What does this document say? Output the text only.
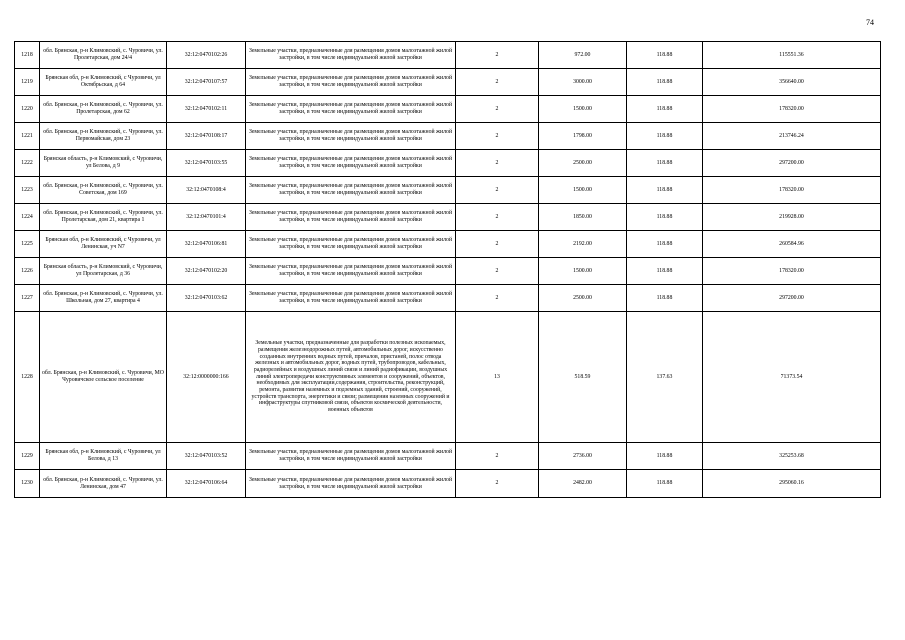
74
1218	обл. Брянская, р-н Климовский, с. Чуровичи, ул. Пролетарская, дом 24/4	32:12:0470102:26	Земельные участки, предназначенные для размещения домов малоэтажной жилой застройки, в том числе индивидуальной жилой застройки	2	972.00	118.88	115551.36
1219	Брянская обл, р-н Климовский, с Чуровичи, ул Октябрьская, д 64	32:12:0470107:57	Земельные участки, предназначенные для размещения домов малоэтажной жилой застройки, в том числе индивидуальной жилой застройки	2	3000.00	118.88	356640.00
1220	обл. Брянская, р-н Климовский, с. Чуровичи, ул. Пролетарская, дом 62	32:12:0470102:11	Земельные участки, предназначенные для размещения домов малоэтажной жилой застройки, в том числе индивидуальной жилой застройки	2	1500.00	118.88	178320.00
1221	обл. Брянская, р-н Климовский, с. Чуровичи, ул. Первомайская, дом 23	32:12:0470108:17	Земельные участки, предназначенные для размещения домов малоэтажной жилой застройки, в том числе индивидуальной жилой застройки	2	1798.00	118.88	213746.24
1222	Брянская область, р-н Климовский, с Чуровичи, ул Белова, д 9	32:12:0470103:55	Земельные участки, предназначенные для размещения домов малоэтажной жилой застройки, в том числе индивидуальной жилой застройки	2	2500.00	118.88	297200.00
1223	обл. Брянская, р-н Климовский, с. Чуровичи, ул. Советская, дом 169	32:12:0470108:4	Земельные участки, предназначенные для размещения домов малоэтажной жилой застройки, в том числе индивидуальной жилой застройки	2	1500.00	118.88	178320.00
1224	обл. Брянская, р-н Климовский, с. Чуровичи, ул. Пролетарская, дом 21, квартира 1	32:12:0470101:4	Земельные участки, предназначенные для размещения домов малоэтажной жилой застройки, в том числе индивидуальной жилой застройки	2	1850.00	118.88	219928.00
1225	Брянская обл, р-н Климовский, с Чуровичи, ул Ленинская, уч N7	32:12:0470106:81	Земельные участки, предназначенные для размещения домов малоэтажной жилой застройки, в том числе индивидуальной жилой застройки	2	2192.00	118.88	260584.96
1226	Брянская область, р-н Климовский, с Чуровичи, ул Пролетарская, д 36	32:12:0470102:20	Земельные участки, предназначенные для размещения домов малоэтажной жилой застройки, в том числе индивидуальной жилой застройки	2	1500.00	118.88	178320.00
1227	обл. Брянская, р-н Климовский, с. Чуровичи, ул. Школьная, дом 27, квартира 4	32:12:0470103:62	Земельные участки, предназначенные для размещения домов малоэтажной жилой застройки, в том числе индивидуальной жилой застройки	2	2500.00	118.88	297200.00
1228	обл. Брянская, р-н Климовский, с. Чуровичи, МО Чуровичское сельское поселение	32:12:0000000:166	Земельные участки, предназначенные для разработки полезных ископаемых, размещения железнодорожных путей, автомобильных дорог, искусственно созданных внутренних водных путей, причалов, пристаней, полос отвода железных и автомобильных дорог, водных путей, трубопроводов, кабельных, радиорелейных и воздушных линий связи и линий радиофикации, воздушных линий электропередачи конструктивных элементов и сооружений, объектов, необходимых для эксплуатации,содержания, строительства, реконструкций, ремонта, развития наземных и подземных зданий, строений, сооружений, устройств транспорта, энергетики и связи; размещения наземных сооружений и инфраструктуры спутниковой связи, объектов космической деятельности, военных объектов	13	518.59	137.63	71373.54
1229	Брянская обл, р-н Климовский, с Чуровичи, ул Белова, д 13	32:12:0470103:52	Земельные участки, предназначенные для размещения домов малоэтажной жилой застройки, в том числе индивидуальной жилой застройки	2	2736.00	118.88	325253.68
1230	обл. Брянская, р-н Климовский, с. Чуровичи, ул. Ленинская, дом 47	32:12:0470106:64	Земельные участки, предназначенные для размещения домов малоэтажной жилой застройки, в том числе индивидуальной жилой застройки	2	2482.00	118.88	295060.16
